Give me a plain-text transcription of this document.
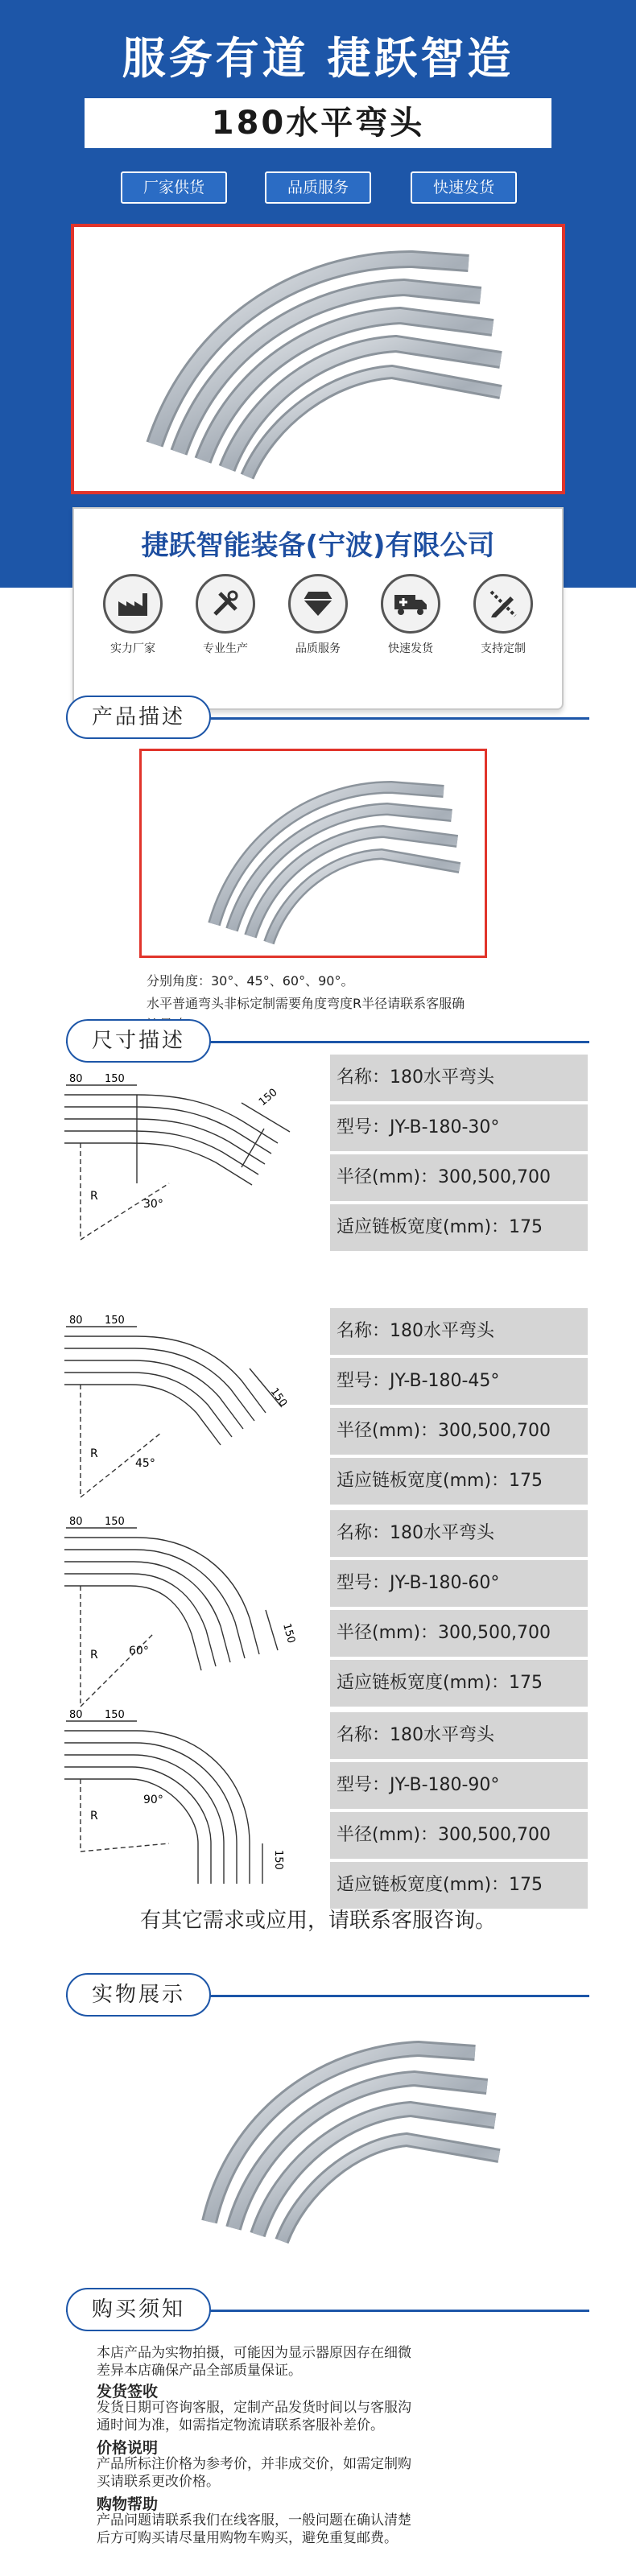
服务有道 捷跃智造
180水平弯头
厂家供货	品质服务	快速发货
捷跃智能装备(宁波)有限公司
实力厂家	专业生产	品质服务	快速发货	支持定制
产品描述
分别角度：30°、45°、60°、90°。
水平普通弯头非标定制需要角度弯度R半径请联系客服确
尺寸描述
80 150
150
R
30°
80 150
150
R
45°
80 150
150
R	60°
80 150
150
R
90°
名称：180水平弯头
型号：JY-B-180-30°
半径(mm)：300,500,700
适应链板宽度(mm)：175
名称：180水平弯头
型号：JY-B-180-45°
半径(mm)：300,500,700
适应链板宽度(mm)：175
名称：180水平弯头
型号：JY-B-180-60°
半径(mm)：300,500,700
适应链板宽度(mm)：175
名称：180水平弯头
型号：JY-B-180-90°
半径(mm)：300,500,700
适应链板宽度(mm)：175
有其它需求或应用，请联系客服咨询。
实物展示
购买须知
本店产品为实物拍摄，可能因为显示器原因存在细微
差异本店确保产品全部质量保证。
发货签收
发货日期可咨询客服，定制产品发货时间以与客服沟
通时间为准，如需指定物流请联系客服补差价。
价格说明
产品所标注价格为参考价，并非成交价，如需定制购
买请联系更改价格。
购物帮助
产品问题请联系我们在线客服，一般问题在确认清楚
后方可购买请尽量用购物车购买，避免重复邮费。
